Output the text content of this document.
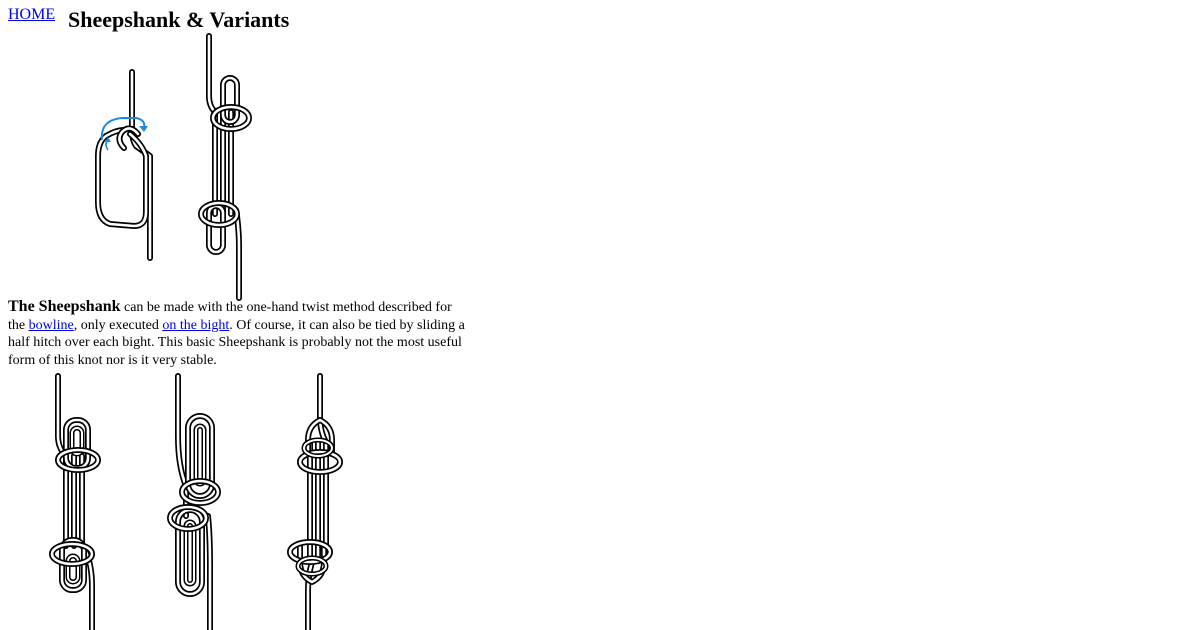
HOME Sheepshank & Variants

The Sheepshank can be made with the one-hand twist method described for the bowline, only executed on the bight. Of course, it can also be tied by sliding a half hitch over each bight. This basic Sheepshank is probably not the most useful form of this knot nor is it very stable.
